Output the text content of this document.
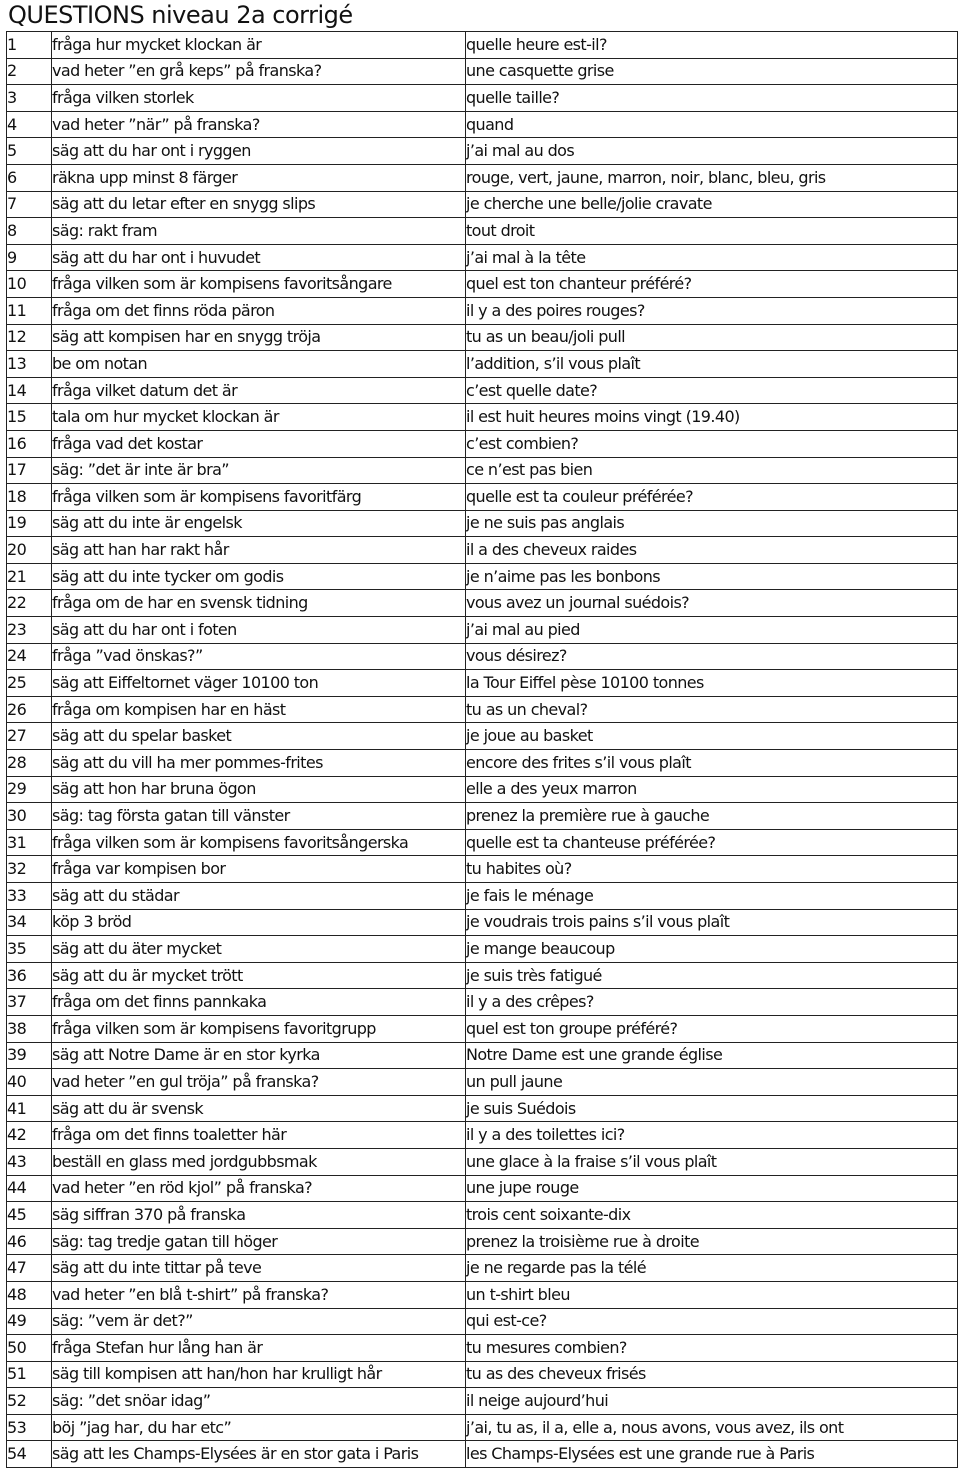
QUESTIONS niveau 2a corrigé
1	fråga hur mycket klockan är	quelle heure est-il?
2	vad heter ”en grå keps” på franska?	une casquette grise
3	fråga vilken storlek	quelle taille?
4	vad heter ”när” på franska?	quand
5	säg att du har ont i ryggen	j’ai mal au dos
6	räkna upp minst 8 färger	rouge, vert, jaune, marron, noir, blanc, bleu, gris
7	säg att du letar efter en snygg slips	je cherche une belle/jolie cravate
8	säg: rakt fram	tout droit
9	säg att du har ont i huvudet	j’ai mal à la tête
10	fråga vilken som är kompisens favoritsångare	quel est ton chanteur préféré?
11	fråga om det finns röda päron	il y a des poires rouges?
12	säg att kompisen har en snygg tröja	tu as un beau/joli pull
13	be om notan	l’addition, s’il vous plaît
14	fråga vilket datum det är	c’est quelle date?
15	tala om hur mycket klockan är	il est huit heures moins vingt (19.40)
16	fråga vad det kostar	c’est combien?
17	säg: ”det är inte är bra”	ce n’est pas bien
18	fråga vilken som är kompisens favoritfärg	quelle est ta couleur préférée?
19	säg att du inte är engelsk	je ne suis pas anglais
20	säg att han har rakt hår	il a des cheveux raides
21	säg att du inte tycker om godis	je n’aime pas les bonbons
22	fråga om de har en svensk tidning	vous avez un journal suédois?
23	säg att du har ont i foten	j’ai mal au pied
24	fråga ”vad önskas?”	vous désirez?
25	säg att Eiffeltornet väger 10100 ton	la Tour Eiffel pèse 10100 tonnes
26	fråga om kompisen har en häst	tu as un cheval?
27	säg att du spelar basket	je joue au basket
28	säg att du vill ha mer pommes-frites	encore des frites s’il vous plaît
29	säg att hon har bruna ögon	elle a des yeux marron
30	säg: tag första gatan till vänster	prenez la première rue à gauche
31	fråga vilken som är kompisens favoritsångerska	quelle est ta chanteuse préférée?
32	fråga var kompisen bor	tu habites où?
33	säg att du städar	je fais le ménage
34	köp 3 bröd	je voudrais trois pains s’il vous plaît
35	säg att du äter mycket	je mange beaucoup
36	säg att du är mycket trött	je suis très fatigué
37	fråga om det finns pannkaka	il y a des crêpes?
38	fråga vilken som är kompisens favoritgrupp	quel est ton groupe préféré?
39	säg att Notre Dame är en stor kyrka	Notre Dame est une grande église
40	vad heter ”en gul tröja” på franska?	un pull jaune
41	säg att du är svensk	je suis Suédois
42	fråga om det finns toaletter här	il y a des toilettes ici?
43	beställ en glass med jordgubbsmak	une glace à la fraise s’il vous plaît
44	vad heter ”en röd kjol” på franska?	une jupe rouge
45	säg siffran 370 på franska	trois cent soixante-dix
46	säg: tag tredje gatan till höger	prenez la troisième rue à droite
47	säg att du inte tittar på teve	je ne regarde pas la télé
48	vad heter ”en blå t-shirt” på franska?	un t-shirt bleu
49	säg: ”vem är det?”	qui est-ce?
50	fråga Stefan hur lång han är	tu mesures combien?
51	säg till kompisen att han/hon har krulligt hår	tu as des cheveux frisés
52	säg: ”det snöar idag”	il neige aujourd’hui
53	böj ”jag har, du har etc”	j’ai, tu as, il a, elle a, nous avons, vous avez, ils ont
54	säg att les Champs-Elysées är en stor gata i Paris	les Champs-Elysées est une grande rue à Paris
